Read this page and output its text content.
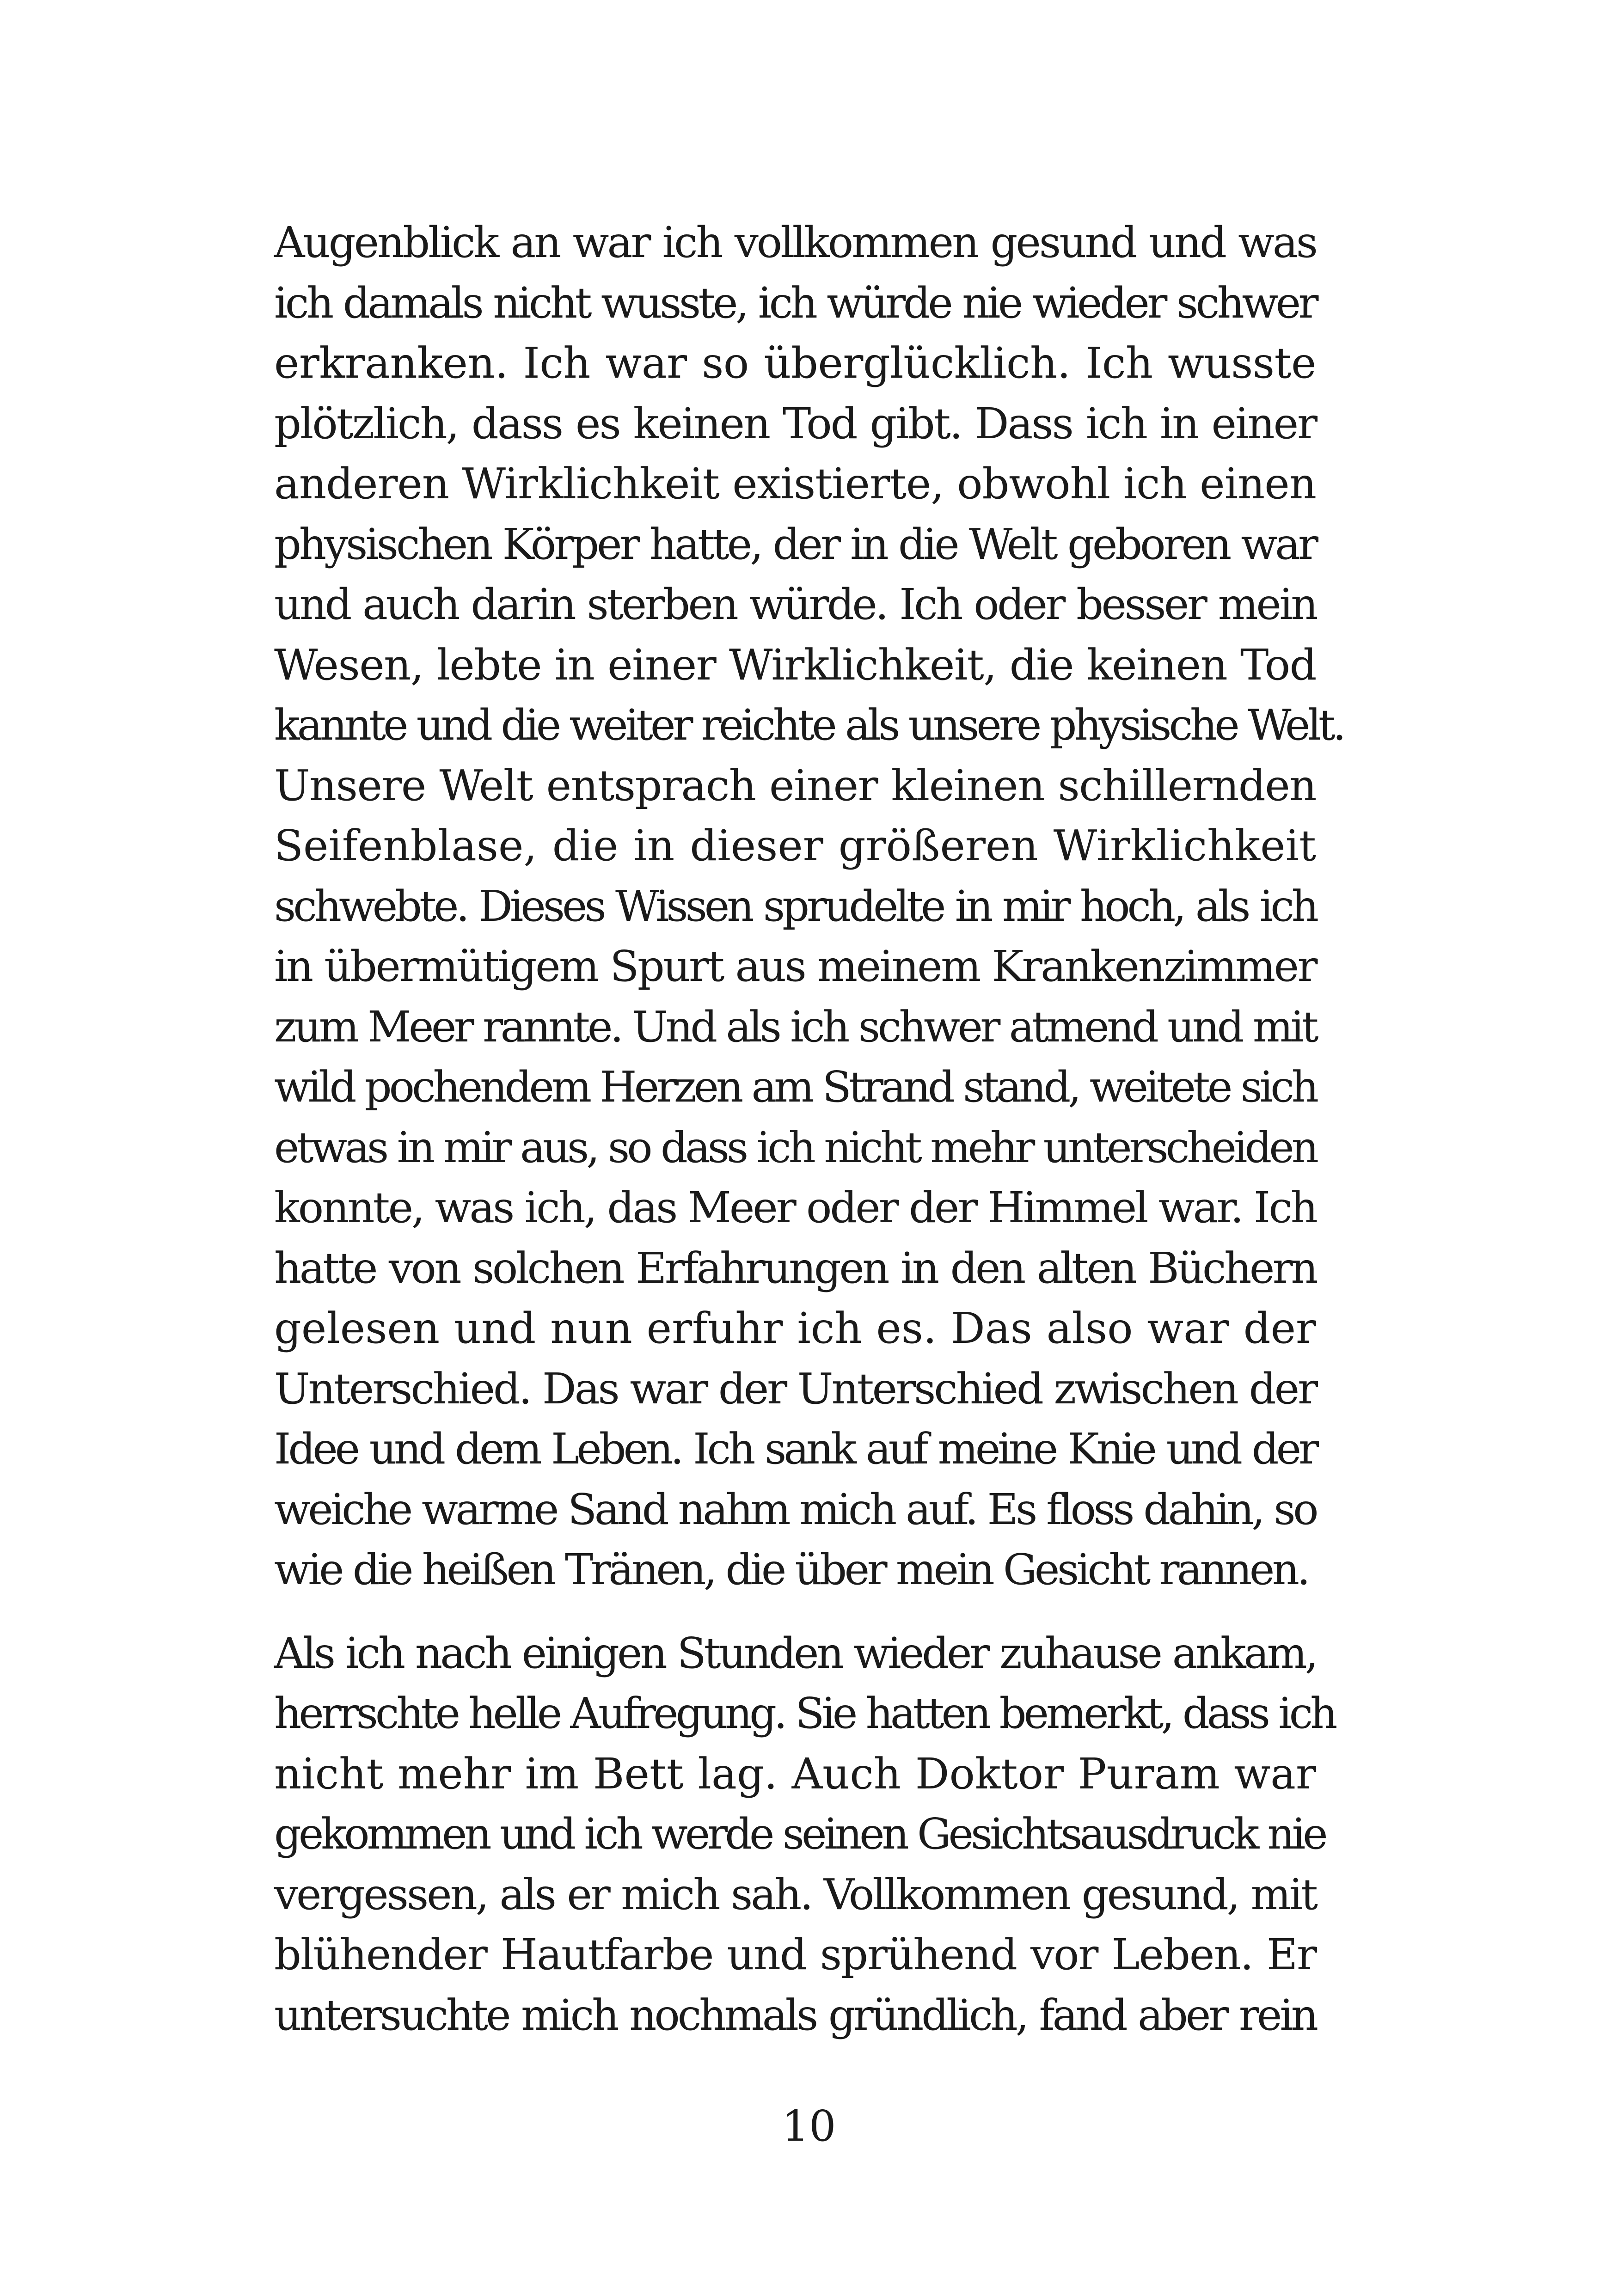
Augenblick an war ich vollkommen gesund und was
ich damals nicht wusste, ich würde nie wieder schwer
erkranken. Ich war so überglücklich. Ich wusste
plötzlich, dass es keinen Tod gibt. Dass ich in einer
anderen Wirklichkeit existierte, obwohl ich einen
physischen Körper hatte, der in die Welt geboren war
und auch darin sterben würde. Ich oder besser mein
Wesen, lebte in einer Wirklichkeit, die keinen Tod
kannte und die weiter reichte als unsere physische Welt.
Unsere Welt entsprach einer kleinen schillernden
Seifenblase, die in dieser größeren Wirklichkeit
schwebte. Dieses Wissen sprudelte in mir hoch, als ich
in übermütigem Spurt aus meinem Krankenzimmer
zum Meer rannte. Und als ich schwer atmend und mit
wild pochendem Herzen am Strand stand, weitete sich
etwas in mir aus, so dass ich nicht mehr unterscheiden
konnte, was ich, das Meer oder der Himmel war. Ich
hatte von solchen Erfahrungen in den alten Büchern
gelesen und nun erfuhr ich es. Das also war der
Unterschied. Das war der Unterschied zwischen der
Idee und dem Leben. Ich sank auf meine Knie und der
weiche warme Sand nahm mich auf. Es floss dahin, so
wie die heißen Tränen, die über mein Gesicht rannen.
Als ich nach einigen Stunden wieder zuhause ankam,
herrschte helle Aufregung. Sie hatten bemerkt, dass ich
nicht mehr im Bett lag. Auch Doktor Puram war
gekommen und ich werde seinen Gesichtsausdruck nie
vergessen, als er mich sah. Vollkommen gesund, mit
blühender Hautfarbe und sprühend vor Leben. Er
untersuchte mich nochmals gründlich, fand aber rein
10
